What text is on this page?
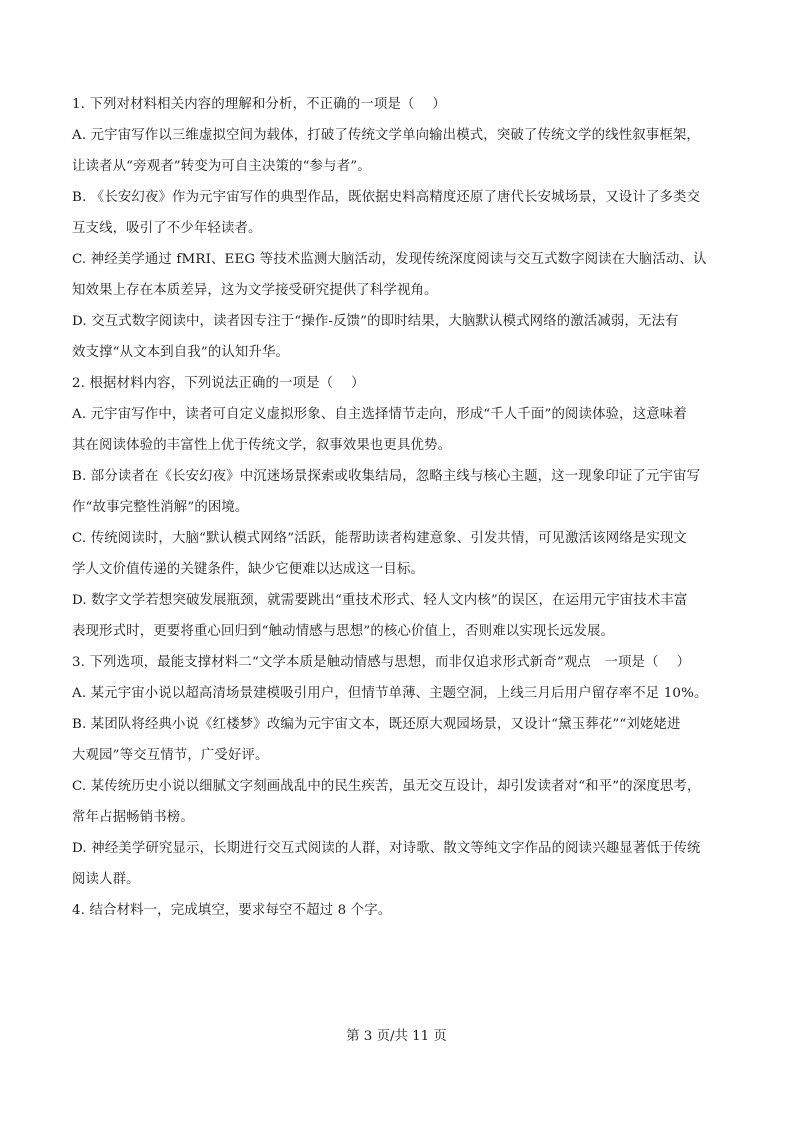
1. 下列对材料相关内容的理解和分析，不正确的一项是（　 ）
A. 元宇宙写作以三维虚拟空间为载体，打破了传统文学单向输出模式，突破了传统文学的线性叙事框架，
让读者从“旁观者”转变为可自主决策的“参与者”。
B. 《长安幻夜》作为元宇宙写作的典型作品，既依据史料高精度还原了唐代长安城场景，又设计了多类交
互支线，吸引了不少年轻读者。
C. 神经美学通过 fMRI、EEG 等技术监测大脑活动，发现传统深度阅读与交互式数字阅读在大脑活动、认
知效果上存在本质差异，这为文学接受研究提供了科学视角。
D. 交互式数字阅读中，读者因专注于“操作-反馈”的即时结果，大脑默认模式网络的激活减弱，无法有
效支撑“从文本到自我”的认知升华。
2. 根据材料内容，下列说法正确的一项是（　 ）
A. 元宇宙写作中，读者可自定义虚拟形象、自主选择情节走向，形成“千人千面”的阅读体验，这意味着
其在阅读体验的丰富性上优于传统文学，叙事效果也更具优势。
B. 部分读者在《长安幻夜》中沉迷场景探索或收集结局，忽略主线与核心主题，这一现象印证了元宇宙写
作“故事完整性消解”的困境。
C. 传统阅读时，大脑“默认模式网络”活跃，能帮助读者构建意象、引发共情，可见激活该网络是实现文
学人文价值传递的关键条件，缺少它便难以达成这一目标。
D. 数字文学若想突破发展瓶颈，就需要跳出“重技术形式、轻人文内核”的误区，在运用元宇宙技术丰富
表现形式时，更要将重心回归到“触动情感与思想”的核心价值上，否则难以实现长远发展。
3. 下列选项，最能支撑材料二“文学本质是触动情感与思想，而非仅追求形式新奇”观点　一项是（　 ）
A. 某元宇宙小说以超高清场景建模吸引用户，但情节单薄、主题空洞，上线三月后用户留存率不足 10%。
B. 某团队将经典小说《红楼梦》改编为元宇宙文本，既还原大观园场景，又设计“黛玉葬花”“刘姥姥进
大观园”等交互情节，广受好评。
C. 某传统历史小说以细腻文字刻画战乱中的民生疾苦，虽无交互设计，却引发读者对“和平”的深度思考，
常年占据畅销书榜。
D. 神经美学研究显示，长期进行交互式阅读的人群，对诗歌、散文等纯文字作品的阅读兴趣显著低于传统
阅读人群。
4. 结合材料一，完成填空，要求每空不超过 8 个字。
第 3 页/共 11 页
